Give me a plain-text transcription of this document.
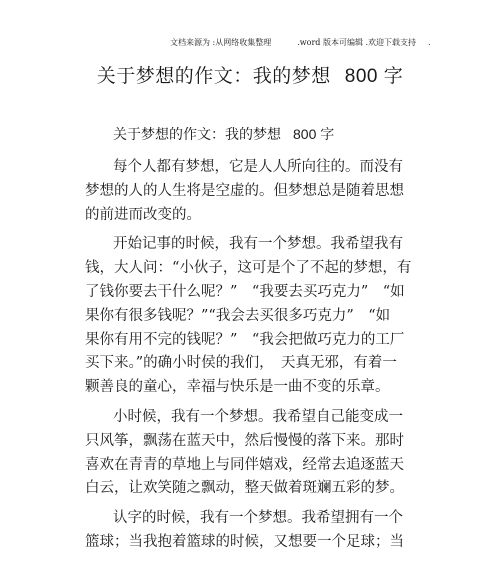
文档来源为 :从网络收集整理	.word 版本可编辑 .欢迎下载支持 .
关于梦想的作文：我的梦想 800 字
关于梦想的作文：我的梦想 800 字
每个人都有梦想，它是人人所向往的。而没有
梦想的人的人生将是空虚的。但梦想总是随着思想
的前进而改变的。
开始记事的时候，我有一个梦想。我希望我有
钱，大人问：“小伙子，这可是个了不起的梦想，有
了钱你要去干什么呢？”　“我要去买巧克力”　“如
果你有很多钱呢？”“我会去买很多巧克力”　“如
果你有用不完的钱呢？”　“我会把做巧克力的工厂
买下来。”的确小时侯的我们，　天真无邪，有着一
颗善良的童心，幸福与快乐是一曲不变的乐章。
小时候，我有一个梦想。我希望自己能变成一
只风筝，飘荡在蓝天中，然后慢慢的落下来。那时
喜欢在青青的草地上与同伴嬉戏，经常去追逐蓝天
白云，让欢笑随之飘动，整天做着斑斓五彩的梦。
认字的时候，我有一个梦想。我希望拥有一个
篮球；当我抱着篮球的时候，又想要一个足球；当
